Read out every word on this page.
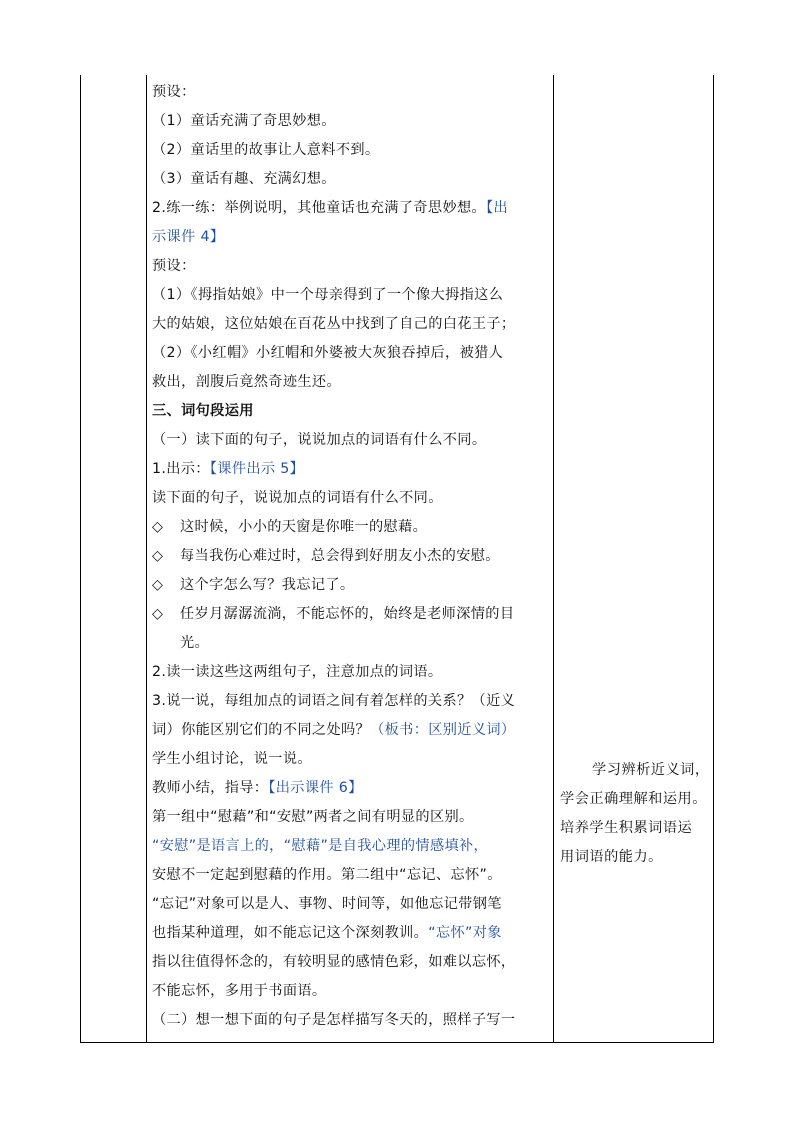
预设：
（1）童话充满了奇思妙想。
（2）童话里的故事让人意料不到。
（3）童话有趣、充满幻想。
2.练一练：举例说明，其他童话也充满了奇思妙想。【出
示课件 4】
预设：
（1）《拇指姑娘》中一个母亲得到了一个像大拇指这么
大的姑娘，这位姑娘在百花丛中找到了自己的白花王子；
（2）《小红帽》小红帽和外婆被大灰狼吞掉后，被猎人
救出，剖腹后竟然奇迹生还。
三、词句段运用
（一）读下面的句子，说说加点的词语有什么不同。
1.出示：【课件出示 5】
读下面的句子，说说加点的词语有什么不同。
◇ 这时候，小小的天窗是你唯一的慰藉。
◇ 每当我伤心难过时，总会得到好朋友小杰的安慰。
◇ 这个字怎么写？我忘记了。
◇ 任岁月潺潺流淌，不能忘怀的，始终是老师深情的目
光。
2.读一读这些这两组句子，注意加点的词语。
3.说一说，每组加点的词语之间有着怎样的关系？（近义
词）你能区别它们的不同之处吗？（板书：区别近义词）
学生小组讨论，说一说。
教师小结，指导：【出示课件 6】
第一组中“慰藉”和“安慰”两者之间有明显的区别。
“安慰”是语言上的，“慰藉”是自我心理的情感填补，
安慰不一定起到慰藉的作用。第二组中“忘记、忘怀”。
“忘记”对象可以是人、事物、时间等，如他忘记带钢笔
也指某种道理，如不能忘记这个深刻教训。“忘怀”对象
指以往值得怀念的，有较明显的感情色彩，如难以忘怀，
不能忘怀，多用于书面语。
（二）想一想下面的句子是怎样描写冬天的，照样子写一
学习辨析近义词，
学会正确理解和运用。
培养学生积累词语运
用词语的能力。
